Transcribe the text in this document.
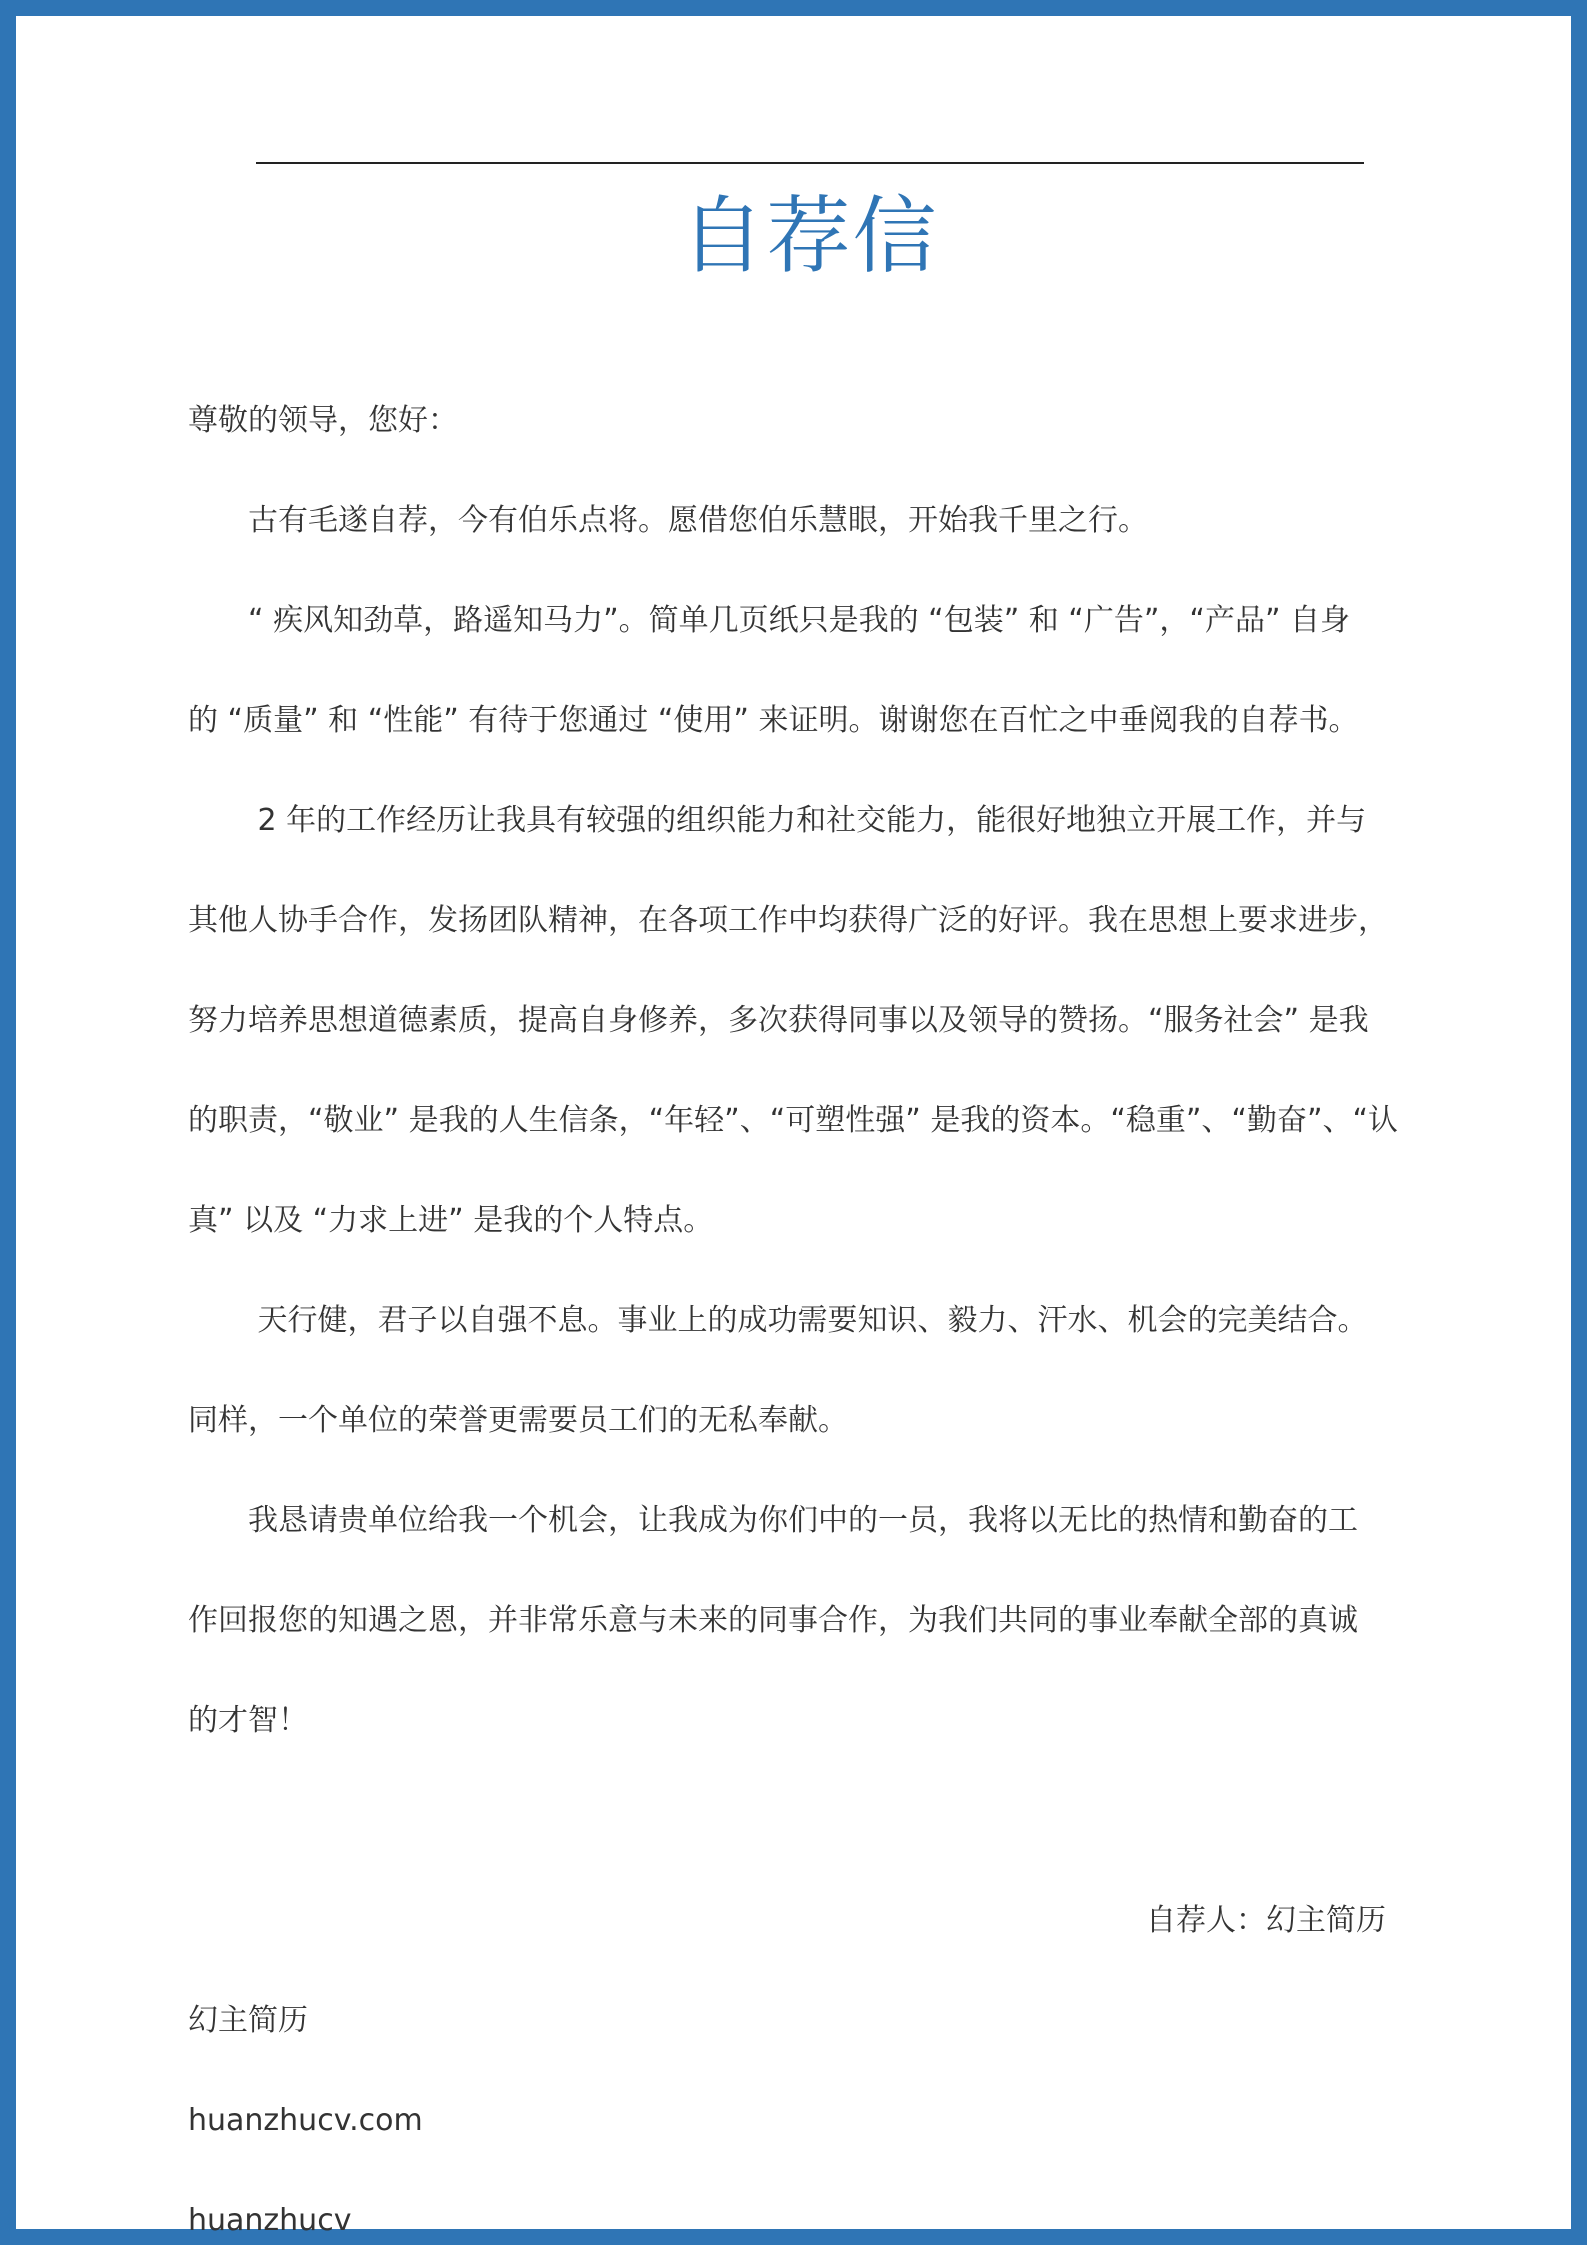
自荐信

尊敬的领导，您好：

　　古有毛遂自荐，今有伯乐点将。愿借您伯乐慧眼，开始我千里之行。

　　“ 疾风知劲草，路遥知马力”。简单几页纸只是我的 “包装” 和 “广告”，“产品” 自身

的 “质量” 和 “性能” 有待于您通过 “使用” 来证明。谢谢您在百忙之中垂阅我的自荐书。

　　 2 年的工作经历让我具有较强的组织能力和社交能力，能很好地独立开展工作，并与

其他人协手合作，发扬团队精神，在各项工作中均获得广泛的好评。我在思想上要求进步，

努力培养思想道德素质，提高自身修养，多次获得同事以及领导的赞扬。“服务社会” 是我

的职责，“敬业” 是我的人生信条，“年轻”、“可塑性强” 是我的资本。“稳重”、“勤奋”、“认

真” 以及 “力求上进” 是我的个人特点。

　　 天行健，君子以自强不息。事业上的成功需要知识、毅力、汗水、机会的完美结合。

同样，一个单位的荣誉更需要员工们的无私奉献。

　　我恳请贵单位给我一个机会，让我成为你们中的一员，我将以无比的热情和勤奋的工

作回报您的知遇之恩，并非常乐意与未来的同事合作，为我们共同的事业奉献全部的真诚

的才智！

自荐人：幻主简历

幻主简历

huanzhucv.com

huanzhucv
